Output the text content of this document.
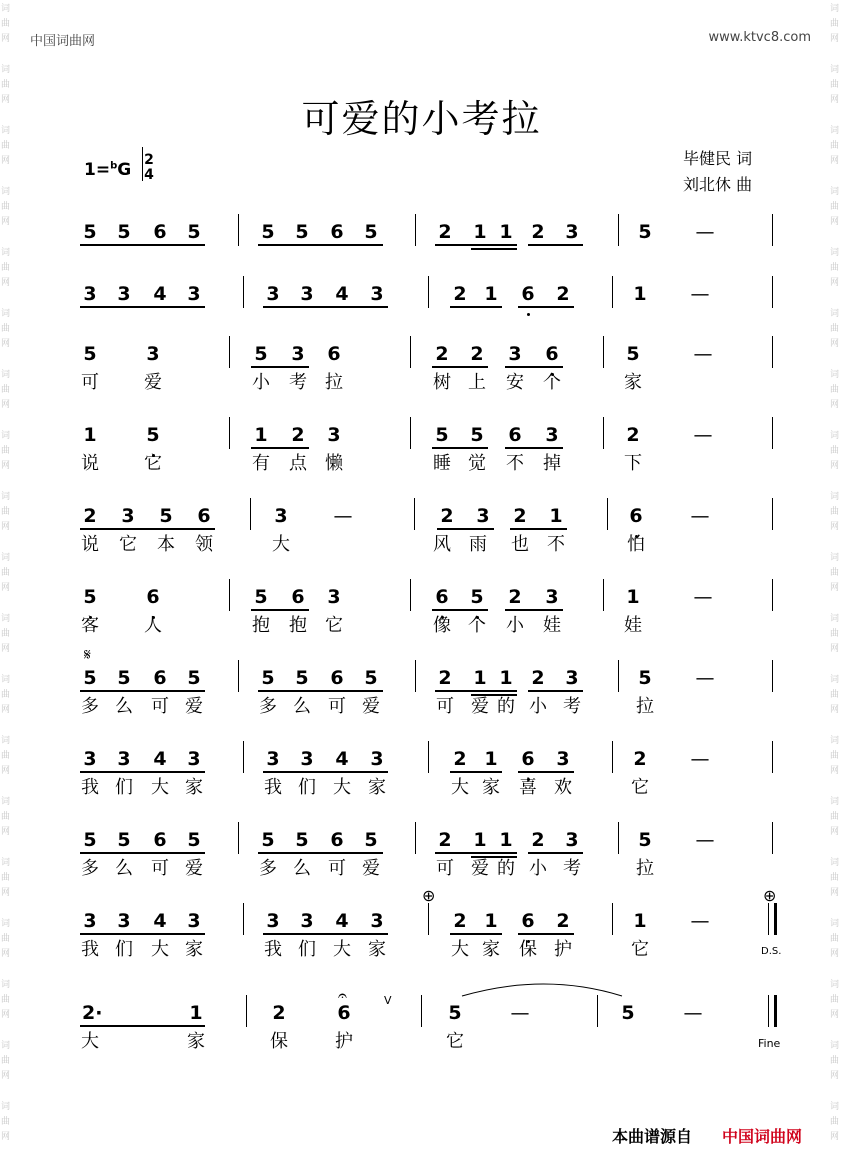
词
曲
网
词
曲
网
词
曲
网
词
曲
网
词
曲
网
词
曲
网
词
曲
网
词
曲
网
词
曲
网
词
曲
网
词
曲
网
词
曲
网
词
曲
网
词
曲
网
词
曲
网
词
曲
网
词
曲
网
词
曲
网
词
曲
网
词
曲
网
词
曲
网
词
曲
网
词
曲
网
词
曲
网
词
曲
网
词
曲
网
词
曲
网
词
曲
网
词
曲
网
词
曲
网
词
曲
网
词
曲
网
词
曲
网
词
曲
网
词
曲
网
词
曲
网
词
曲
网
词
曲
网
中国词曲网	www.ktvc8.com
可爱的小考拉
1=$^b$G 2
4
毕健民 词
刘北休 曲
5 5 6 5	5 5 6 5	2 1 1 2 3	5 —
3 3 4 3	3 3 4 3	2 1 6 2	1 —
5	3	5 3 6	2 2 3 6	5	—
可	爱	小 考 拉	树 上 安 个	家
1	5	1 2 3	5 5 6 3	2	—
说	它	有 点 懒	睡 觉 不 掉	下
2 3 5 6	3 —	2 3 2 1	6	—
说 它 本 领	大	风 雨 也 不	怕
5	6	5 6 3	6 5 2 3	1	—
客	人	抱 抱 它	像 个 小 娃	娃
5 5 6 5	5 5 6 5	2 1 1 2 3	5 —
多 么 可 爱	多 么 可 爱	可 爱 的 小 考	拉
3 3 4 3	3 3 4 3	2 1 6 3	2 —
我 们 大 家	我 们 大 家	大 家 喜 欢	它
5 5 6 5	5 5 6 5	2 1 1 2 3	5 —
多 么 可 爱	多 么 可 爱	可 爱 的 小 考	拉
3 3 4 3	3 3 4 3	2 1 6 2	1 —
我 们 大 家	我 们 大 家	大 家 保 护	它
2·	1	2	6	5	—	5	—
大	家	保	护	它
𝄋
⊕	⊕
𝄐	V
D.S.
Fine
本曲谱源自 中国词曲网
